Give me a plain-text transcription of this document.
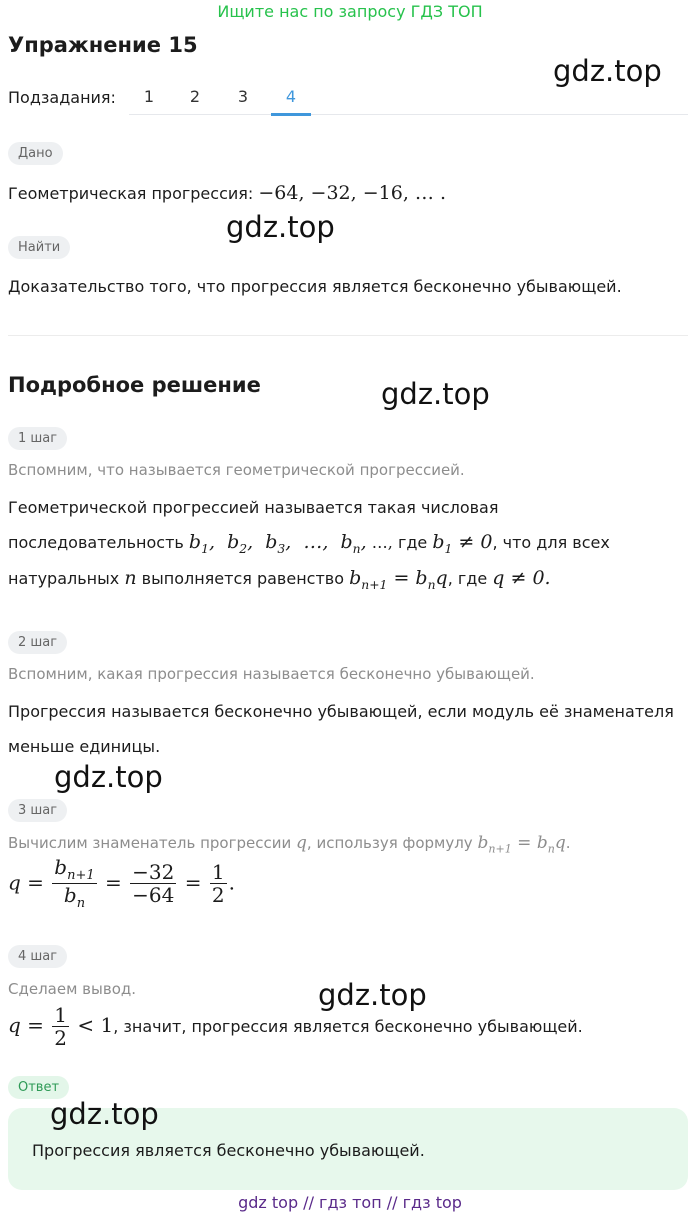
Ищите нас по запросу ГДЗ ТОП
Упражнение 15
gdz.top
Подзадания:	1	2	3	4
Дано
Геометрическая прогрессия: −64, −32, −16, … .
gdz.top
Найти
Доказательство того, что прогрессия является бесконечно убывающей.
Подробное решение	gdz.top
1 шаг
Вспомним, что называется геометрической прогрессией.
Геометрической прогрессией называется такая числовая
последовательность $b_1$,  $b_2$,  $b_3$,  …,  $b_n$, …, где $b_1 \ne 0$, что для всех
натуральных n выполняется равенство $b_{n+1} = b_nq$, где q ≠ 0.
2 шаг
Вспомним, какая прогрессия называется бесконечно убывающей.
Прогрессия называется бесконечно убывающей, если модуль её знаменателя
меньше единицы.
gdz.top
3 шаг
Вычислим знаменатель прогрессии q, используя формулу $b_{n+1} = b_nq$.
$q = \frac{b_{n+1}}{b_n} = \frac{-32}{-64} = \frac{1}{2}$ .
4 шаг
Сделаем вывод.	gdz.top
$q = \frac{1}{2} < 1$, значит, прогрессия является бесконечно убывающей.
Ответ
gdz.top
Прогрессия является бесконечно убывающей.
gdz top // гдз топ // гдз top
